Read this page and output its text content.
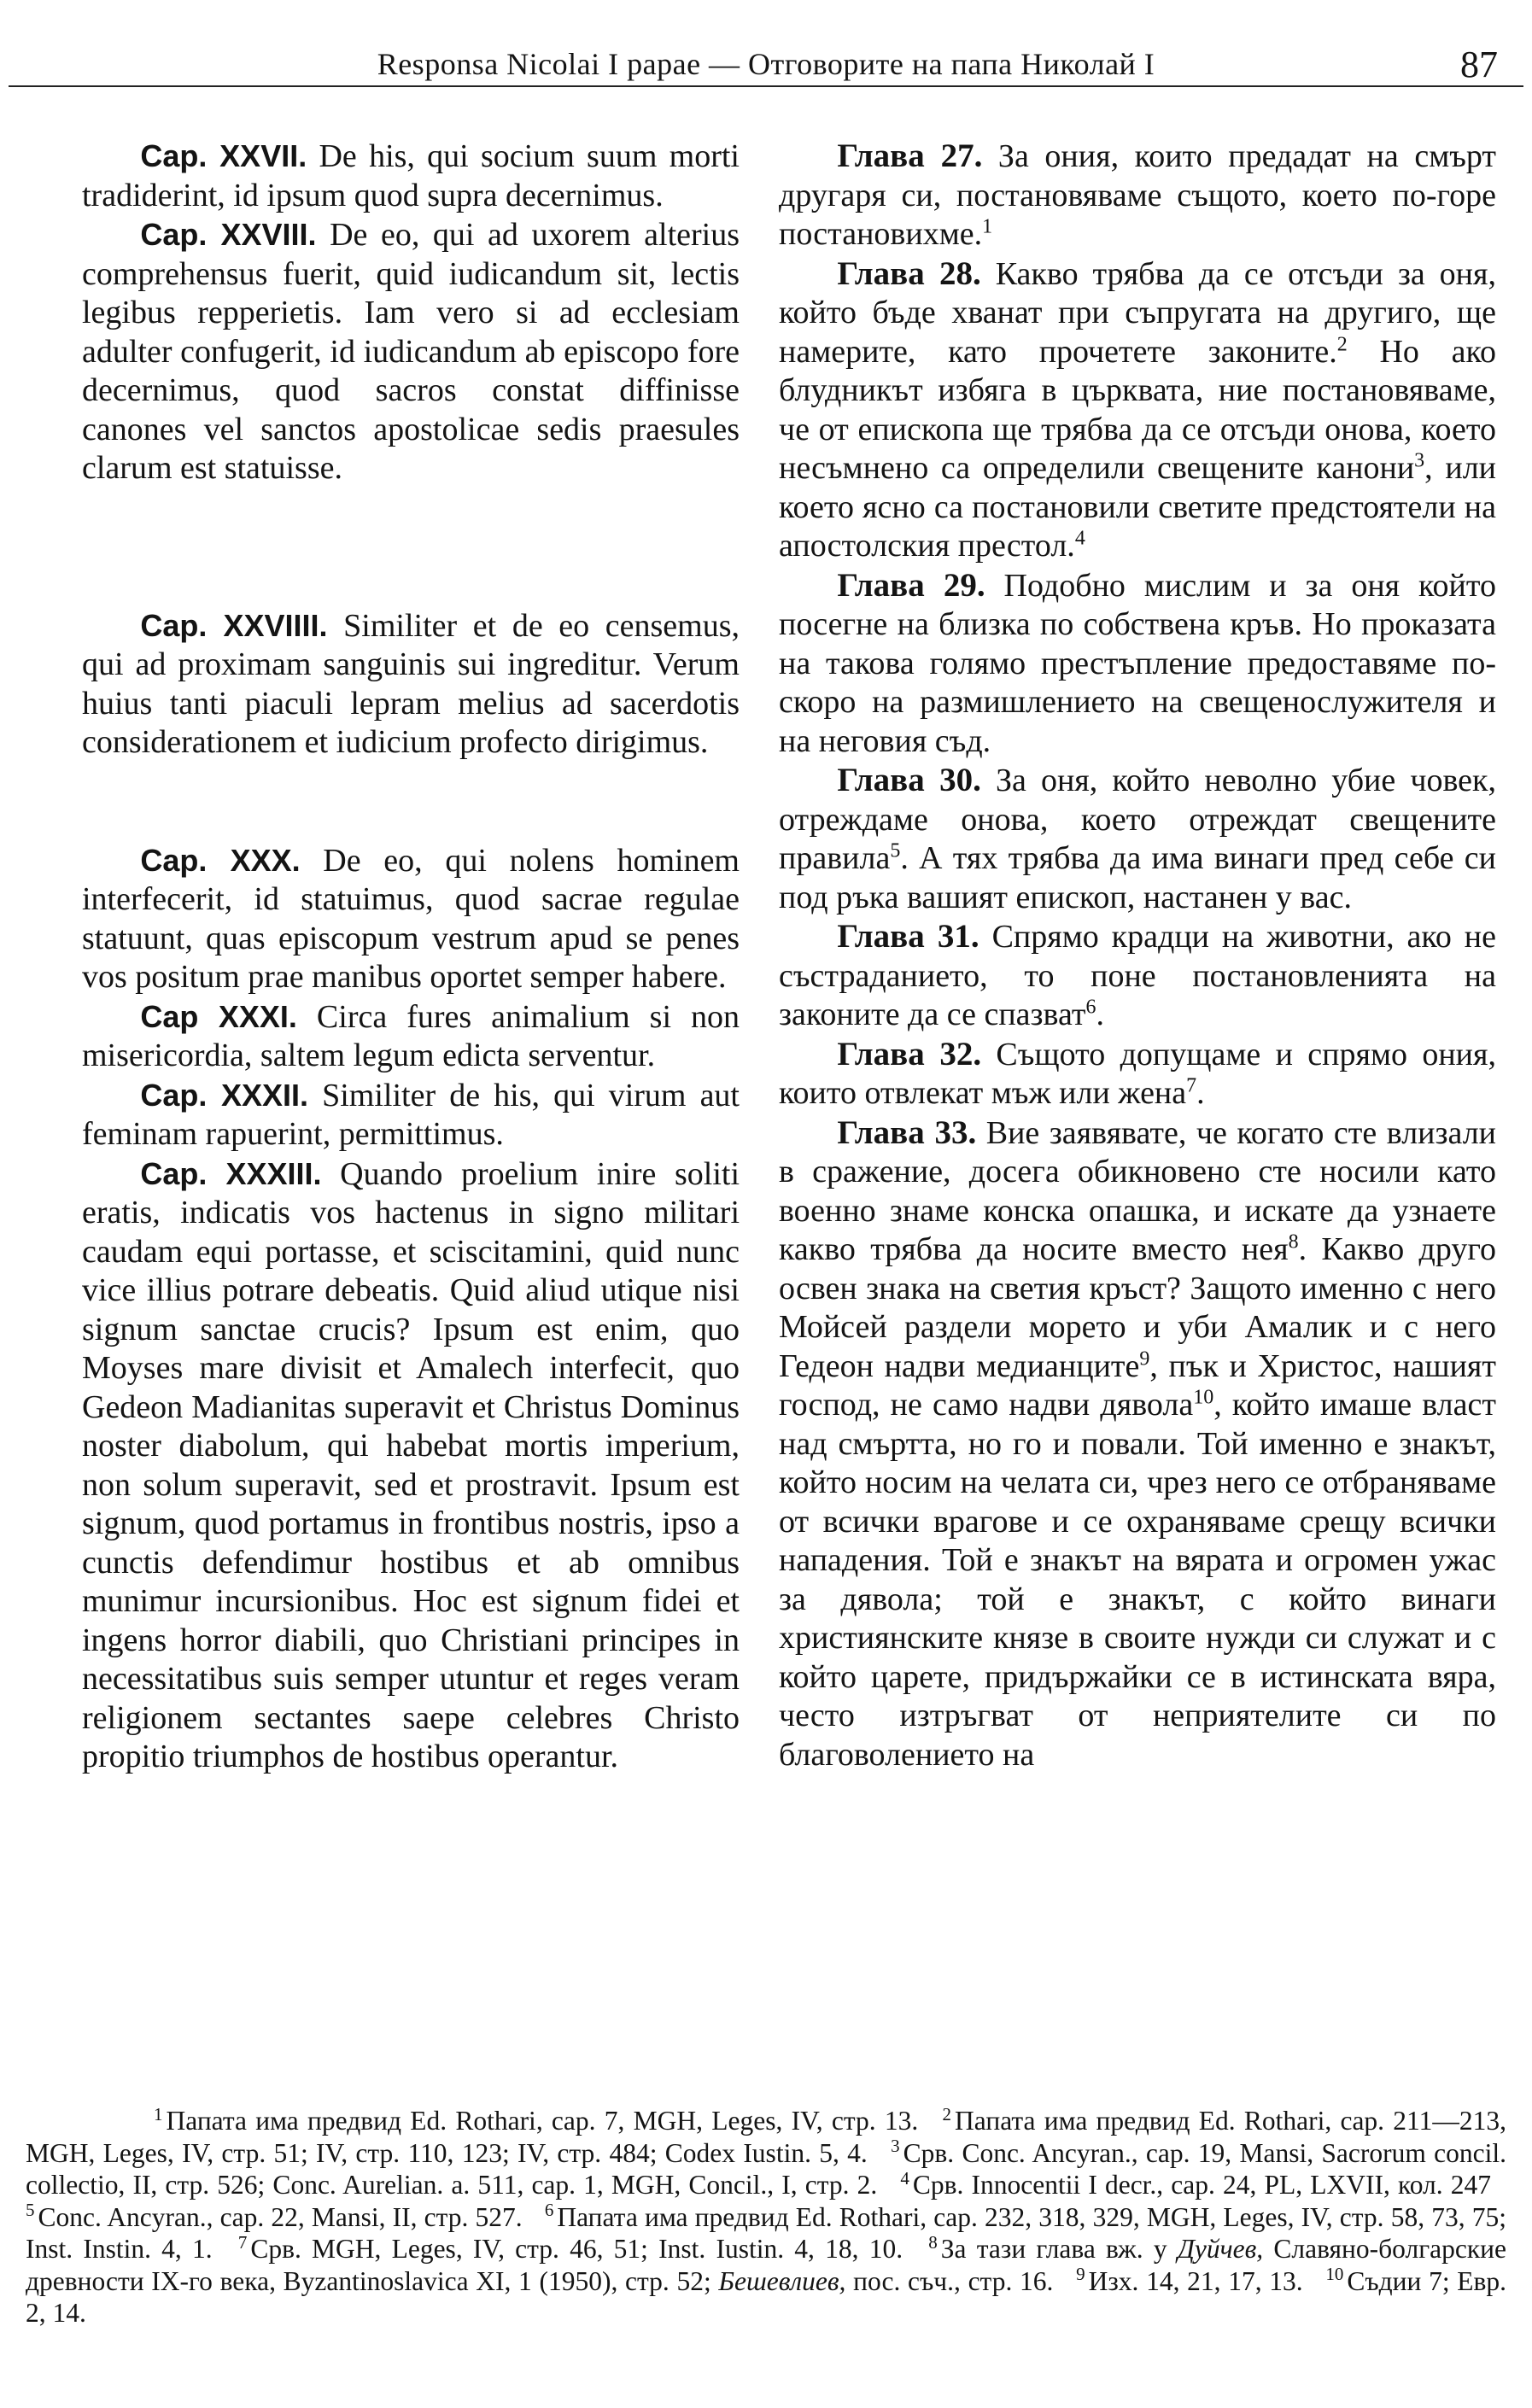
Responsa Nicolai I papae — Отговорите на папа Николай I	87

Cap. XXVII. De his, qui socium suum morti tradiderint, id ipsum quod supra decernimus.

Cap. XXVIII. De eo, qui ad uxorem alterius comprehensus fuerit, quid iudicandum sit, lectis legibus repperietis. Iam vero si ad ecclesiam adulter confugerit, id iudicandum ab episcopo fore decernimus, quod sacros constat diffinisse canones vel sanctos apostolicae sedis praesules clarum est statuisse.

Cap. XXVIIII. Similiter et de eo censemus, qui ad proximam sanguinis sui ingreditur. Verum huius tanti piaculi lepram melius ad sacerdotis considerationem et iudicium profecto dirigimus.

Cap. XXX. De eo, qui nolens hominem interfecerit, id statuimus, quod sacrae regulae statuunt, quas episcopum vestrum apud se penes vos positum prae manibus oportet semper habere.

Cap XXXI. Circa fures animalium si non misericordia, saltem legum edicta serventur.

Cap. XXXII. Similiter de his, qui virum aut feminam rapuerint, permittimus.

Cap. XXXIII. Quando proelium inire soliti eratis, indicatis vos hactenus in signo militari caudam equi portasse, et sciscitamini, quid nunc vice illius potrare debeatis. Quid aliud utique nisi signum sanctae crucis? Ipsum est enim, quo Moyses mare divisit et Amalech interfecit, quo Gedeon Madianitas superavit et Christus Dominus noster diabolum, qui habebat mortis imperium, non solum superavit, sed et prostravit. Ipsum est signum, quod portamus in frontibus nostris, ipso a cunctis defendimur hostibus et ab omnibus munimur incursionibus. Hoc est signum fidei et ingens horror diabili, quo Christiani principes in necessitatibus suis semper utuntur et reges veram religionem sectantes saepe celebres Christo propitio triumphos de hostibus operantur.

Глава 27. За ония, които предадат на смърт другаря си, постановяваме същото, което по-горе постановихме.$^1$

Глава 28. Какво трябва да се отсъди за оня, който бъде хванат при съпругата на другиго, ще намерите, като прочетете законите.$^2$ Но ако блудникът избяга в църквата, ние постановяваме, че от епископа ще трябва да се отсъди онова, което несъмнено са определили свещените канони$^3$, или което ясно са постановили светите предстоятели на апостолския престол.$^4$

Глава 29. Подобно мислим и за оня който посегне на близка по собствена кръв. Но проказата на такова голямо престъпление предоставяме по-скоро на размишлението на свещенослужителя и на неговия съд.

Глава 30. За оня, който неволно убие човек, отреждаме онова, което отреждат свещените правила$^5$. А тях трябва да има винаги пред себе си под ръка вашият епископ, настанен у вас.

Глава 31. Спрямо крадци на животни, ако не състраданието, то поне постановленията на законите да се спазват$^6$.

Глава 32. Същото допущаме и спрямо ония, които отвлекат мъж или жена$^7$.

Глава 33. Вие заявявате, че когато сте влизали в сражение, досега обикновено сте носили като военно знаме конска опашка, и искате да узнаете какво трябва да носите вместо нея$^8$. Какво друго освен знака на светия кръст? Защото именно с него Мойсей раздели морето и уби Амалик и с него Гедеон надви медианците$^9$, пък и Христос, нашият господ, не само надви дявола$^{10}$, който имаше власт над смъртта, но го и повали. Той именно е знакът, който носим на челата си, чрез него се отбраняваме от всички врагове и се охраняваме срещу всички нападения. Той е знакът на вярата и огромен ужас за дявола; той е знакът, с който винаги християнските князе в своите нужди си служат и с който царете, придържайки се в истинската вяра, често изтръгват от неприятелите си по благоволението на

$^1$ Папата има предвид Ed. Rothari, cap. 7, MGH, Leges, IV, стр. 13. $^2$ Папата има предвид Ed. Rothari, cap. 211—213, MGH, Leges, IV, стр. 51; IV, стр. 110, 123; IV, стр. 484; Codex Iustin. 5, 4. $^3$ Срв. Conc. Ancyran., cap. 19, Mansi, Sacrorum concil. collectio, II, стр. 526; Conc. Aurelian. a. 511, cap. 1, MGH, Concil., I, стр. 2. $^4$ Срв. Innocentii I decr., cap. 24, PL, LXVII, кол. 247 $^5$ Conc. Ancyran., cap. 22, Mansi, II, стр. 527. $^6$ Папата има предвид Ed. Rothari, cap. 232, 318, 329, MGH, Leges, IV, стр. 58, 73, 75; Inst. Instin. 4, 1. $^7$ Срв. MGH, Leges, IV, стр. 46, 51; Inst. Iustin. 4, 18, 10. $^8$ За тази глава вж. у Дуйчев, Славяно-болгарские древности IX-го века, Byzantinoslavica XI, 1 (1950), стр. 52; Бешевлиев, пос. съч., стр. 16. $^9$ Изх. 14, 21, 17, 13. $^{10}$ Съдии 7; Евр. 2, 14.
